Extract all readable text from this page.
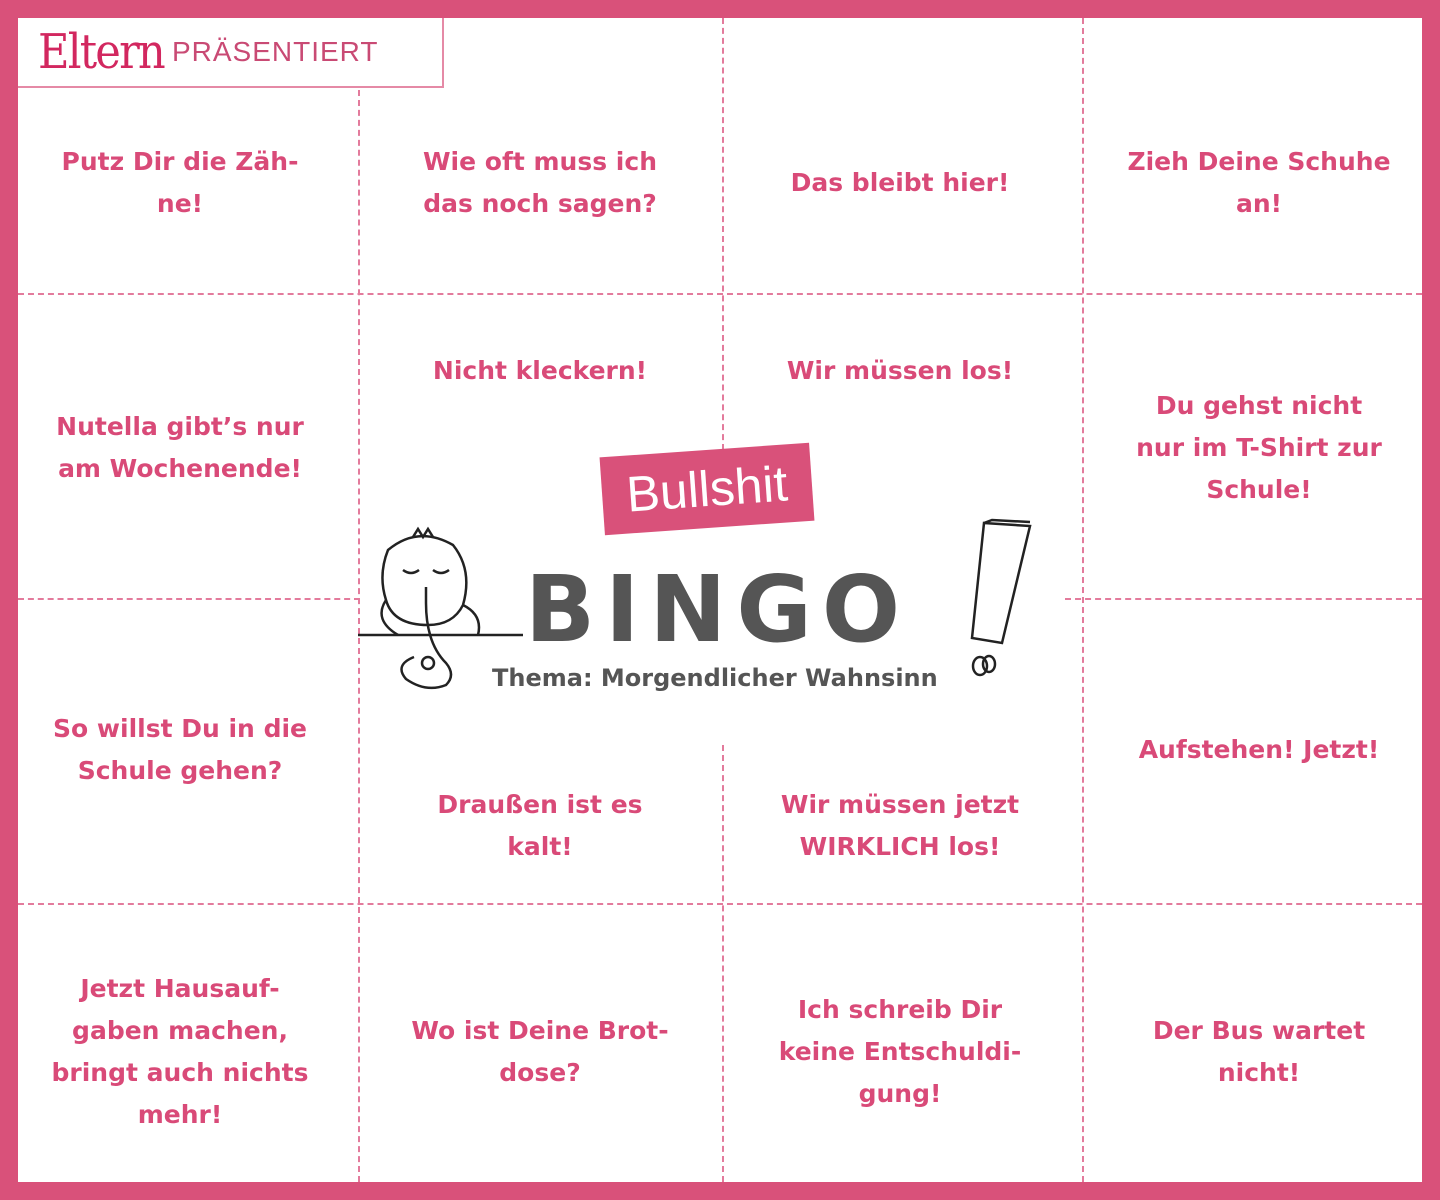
Eltern PRÄSENTIERT
Putz Dir die Zäh-
ne!
Wie oft muss ich
das noch sagen?
Das bleibt hier!
Zieh Deine Schuhe
an!
Nutella gibt’s nur
am Wochenende!
Nicht kleckern!	Wir müssen los!
Du gehst nicht
nur im T-Shirt zur
Schule!
So willst Du in die
Schule gehen?
Draußen ist es
kalt!
Wir müssen jetzt
WIRKLICH los!
Aufstehen! Jetzt!
Jetzt Hausauf-
gaben machen,
bringt auch nichts
mehr!
Wo ist Deine Brot-
dose?
Ich schreib Dir
keine Entschuldi-
gung!
Der Bus wartet
nicht!
Bullshit
BINGO
Thema: Morgendlicher Wahnsinn
